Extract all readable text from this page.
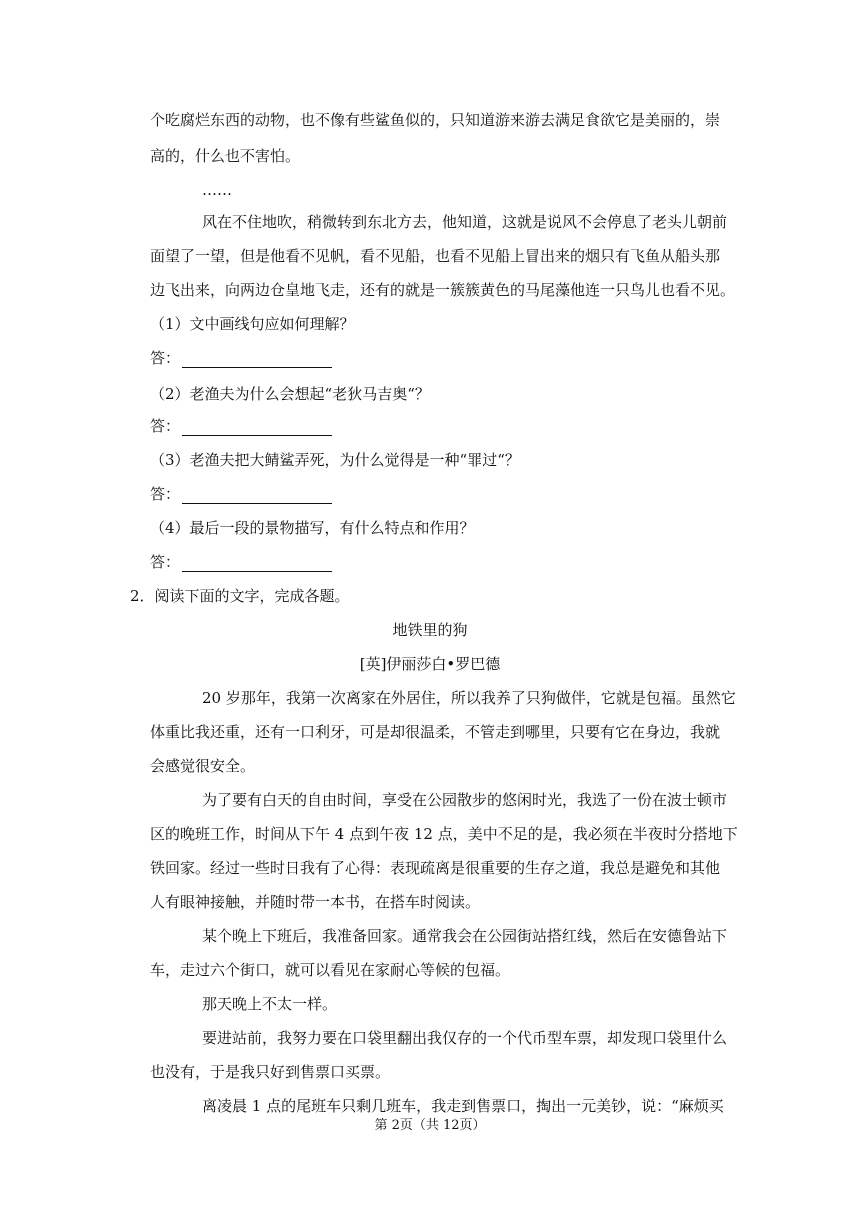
个吃腐烂东西的动物，也不像有些鲨鱼似的，只知道游来游去满足食欲它是美丽的，崇
高的，什么也不害怕。
……
风在不住地吹，稍微转到东北方去，他知道，这就是说风不会停息了老头儿朝前
面望了一望，但是他看不见帆，看不见船，也看不见船上冒出来的烟只有飞鱼从船头那
边飞出来，向两边仓皇地飞走，还有的就是一簇簇黄色的马尾藻他连一只鸟儿也看不见。
（1）文中画线句应如何理解？
答：
（2）老渔夫为什么会想起“老狄马吉奥“？
答：
（3）老渔夫把大鲭鲨弄死，为什么觉得是一种“罪过“？
答：
（4）最后一段的景物描写，有什么特点和作用？
答：
2．阅读下面的文字，完成各题。
地铁里的狗
[英]伊丽莎白•罗巴德
20 岁那年，我第一次离家在外居住，所以我养了只狗做伴，它就是包福。虽然它
体重比我还重，还有一口利牙，可是却很温柔，不管走到哪里，只要有它在身边，我就
会感觉很安全。
为了要有白天的自由时间，享受在公园散步的悠闲时光，我选了一份在波士顿市
区的晚班工作，时间从下午 4 点到午夜 12 点，美中不足的是，我必须在半夜时分搭地下
铁回家。经过一些时日我有了心得：表现疏离是很重要的生存之道，我总是避免和其他
人有眼神接触，并随时带一本书，在搭车时阅读。
某个晚上下班后，我准备回家。通常我会在公园街站搭红线，然后在安德鲁站下
车，走过六个街口，就可以看见在家耐心等候的包福。
那天晚上不太一样。
要进站前，我努力要在口袋里翻出我仅存的一个代币型车票，却发现口袋里什么
也没有，于是我只好到售票口买票。
离凌晨 1 点的尾班车只剩几班车，我走到售票口，掏出一元美钞，说：“麻烦买
第 2页（共 12页）
